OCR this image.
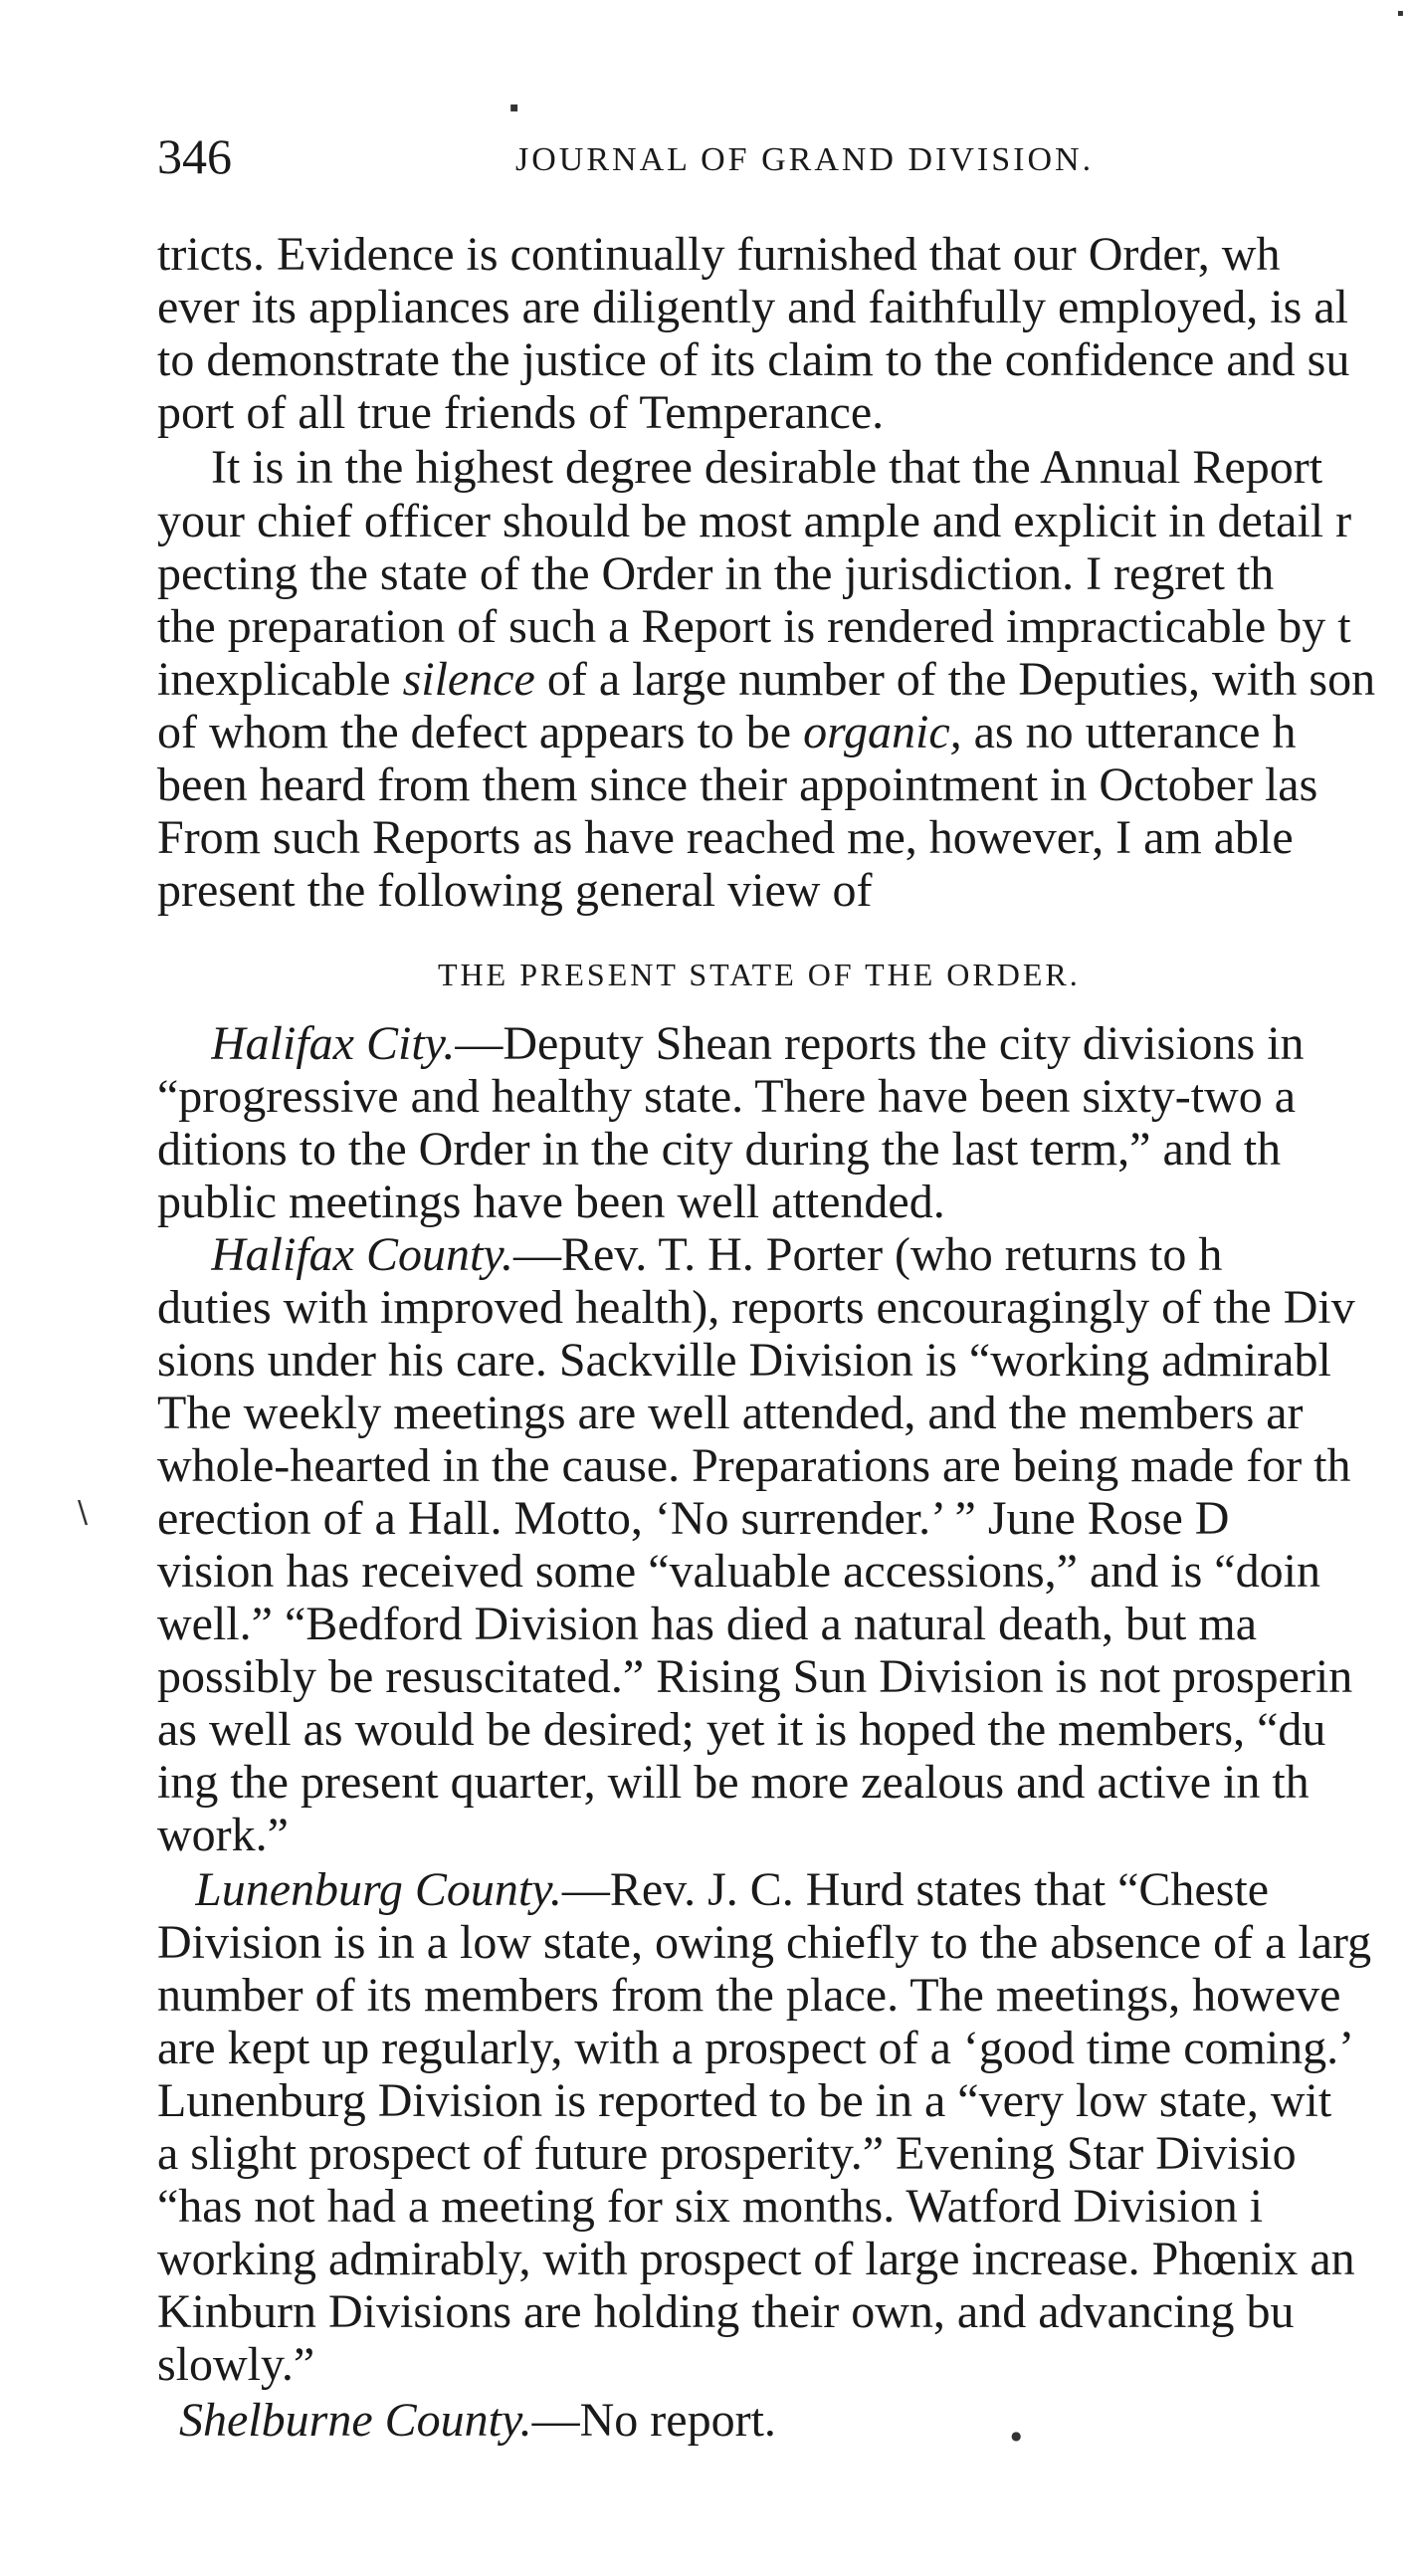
346	JOURNAL OF GRAND DIVISION.
tricts. Evidence is continually furnished that our Order, wh
ever its appliances are diligently and faithfully employed, is al
to demonstrate the justice of its claim to the confidence and su
port of all true friends of Temperance.
It is in the highest degree desirable that the Annual Report
your chief officer should be most ample and explicit in detail r
pecting the state of the Order in the jurisdiction. I regret th
the preparation of such a Report is rendered impracticable by t
inexplicable silence of a large number of the Deputies, with son
of whom the defect appears to be organic, as no utterance h
been heard from them since their appointment in October las
From such Reports as have reached me, however, I am able
present the following general view of
THE PRESENT STATE OF THE ORDER.
Halifax City.—Deputy Shean reports the city divisions in
“progressive and healthy state. There have been sixty-two a
ditions to the Order in the city during the last term,” and th
public meetings have been well attended.
Halifax County.—Rev. T. H. Porter (who returns to h
duties with improved health), reports encouragingly of the Div
sions under his care. Sackville Division is “working admirabl
The weekly meetings are well attended, and the members ar
whole-hearted in the cause. Preparations are being made for th
erection of a Hall. Motto, ‘No surrender.’ ” June Rose D
vision has received some “valuable accessions,” and is “doin
well.” “Bedford Division has died a natural death, but ma
possibly be resuscitated.” Rising Sun Division is not prosperin
as well as would be desired; yet it is hoped the members, “du
ing the present quarter, will be more zealous and active in th
work.”
Lunenburg County.—Rev. J. C. Hurd states that “Cheste
Division is in a low state, owing chiefly to the absence of a larg
number of its members from the place. The meetings, howeve
are kept up regularly, with a prospect of a ‘good time coming.’
Lunenburg Division is reported to be in a “very low state, wit
a slight prospect of future prosperity.” Evening Star Divisio
“has not had a meeting for six months. Watford Division i
working admirably, with prospect of large increase. Phœnix an
Kinburn Divisions are holding their own, and advancing bu
slowly.”
Shelburne County.—No report.
▪
▪
\
●
